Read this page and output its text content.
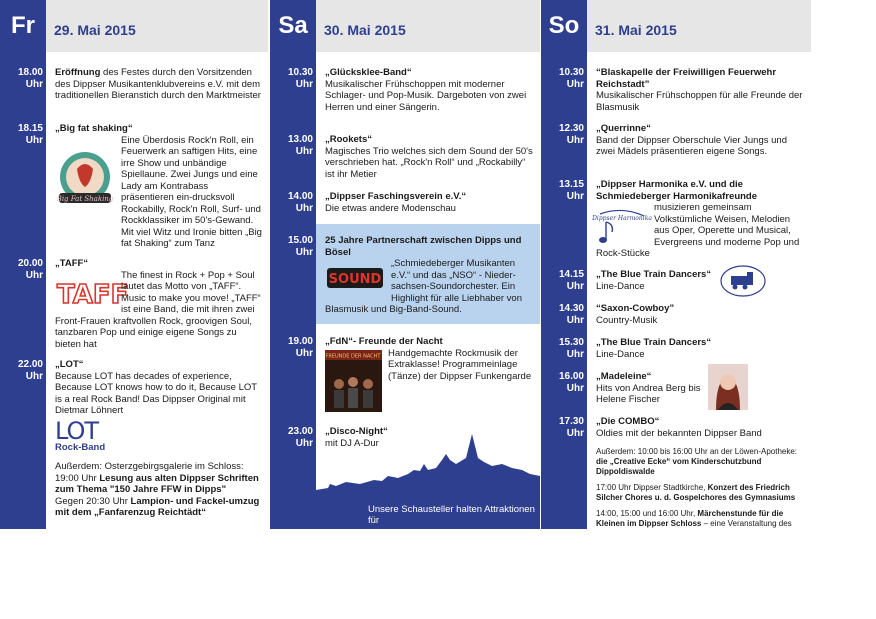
Fr	29. Mai 2015
18.00
Uhr
Eröffnung des Festes durch den Vorsitzenden des Dippser Musikantenklubvereins e.V. mit dem traditionellen Bieranstich durch den Marktmeister
18.15
Uhr
„Big fat shaking“
Big Fat Shaking
Eine Überdosis Rock'n Roll, ein Feuerwerk an saftigen Hits, eine irre Show und unbändige Spiellaune. Zwei Jungs und eine Lady am Kontrabass präsentieren ein-drucksvoll Rockabilly, Rock'n Roll, Surf- und Rockklassiker im 50's-Gewand. Mit viel Witz und Ironie bitten „Big fat Shaking“ zum Tanz
20.00
Uhr
„TAFF“
TAFF
The finest in Rock + Pop + Soul lautet das Motto von „TAFF“. Music to make you move! „TAFF“ ist eine Band, die mit ihren zwei Front-Frauen kraftvollen Rock, groovigen Soul, tanzbaren Pop und einige eigene Songs zu bieten hat
22.00
Uhr
„LOT“
Because LOT has decades of experience, Because LOT knows how to do it, Because LOT is a real Rock Band! Das Dippser Original mit Dietmar Löhnert
LOT
Rock-Band
Außerdem: Osterzgebirgsgalerie im Schloss: 19:00 Uhr Lesung aus alten Dippser Schriften zum Thema "150 Jahre FFW in Dipps"
Gegen 20:30 Uhr Lampion- und Fackel-umzug mit dem „Fanfarenzug Reichtädt“
Sa	30. Mai 2015
10.30
Uhr
„Glücksklee-Band“
Musikalischer Frühschoppen mit moderner Schlager- und Pop-Musik. Dargeboten von zwei Herren und einer Sängerin.
13.00
Uhr
„Rookets“
Magisches Trio welches sich dem Sound der 50's verschrieben hat. „Rock'n Roll“ und „Rockabilly“ ist ihr Metier
14.00
Uhr
„Dippser Faschingsverein e.V.“
Die etwas andere Modenschau
15.00
Uhr
25 Jahre Partnerschaft zwischen Dipps und Bösel
SOUND
„Schmiedeberger Musikanten e.V.“ und das „NSO“ - Nieder-sachsen-Soundorchester. Ein Highlight für alle Liebhaber von Blasmusik und Big-Band-Sound.
19.00
Uhr
„FdN“- Freunde der Nacht
FREUNDE DER NACHT Handgemachte Rockmusik der Extraklasse! Programmeinlage (Tänze) der Dippser Funkengarde
23.00
Uhr
„Disco-Night“
mit DJ A-Dur
Unsere Schausteller halten Attraktionen für
So	31. Mai 2015
10.30
Uhr
“Blaskapelle der Freiwilligen Feuerwehr Reichstadt”
Musikalischer Frühschoppen für alle Freunde der Blasmusik
12.30
Uhr
„Querrinne“
Band der Dippser Oberschule Vier Jungs und zwei Mädels präsentieren eigene Songs.
13.15
Uhr
„Dippser Harmonika e.V. und die Schmiedeberger Harmonikafreunde
Dippser Harmonika
musizieren gemeinsam Volkstümliche Weisen, Melodien aus Oper, Operette und Musical, Evergreens und moderne Pop und Rock-Stücke
14.15
Uhr
„The Blue Train Dancers“
Line-Dance
14.30
Uhr
“Saxon-Cowboy”
Country-Musik
15.30
Uhr
„The Blue Train Dancers“
Line-Dance
16.00
Uhr
„Madeleine“
Hits von Andrea Berg bis Helene Fischer
17.30
Uhr
„Die COMBO“
Oldies mit der bekannten Dippser Band
Außerdem: 10:00 bis 16:00 Uhr an der Löwen-Apotheke: die „Creative Ecke“ vom Kinderschutzbund Dippoldiswalde
17:00 Uhr Dippser Stadtkirche, Konzert des Friedrich Silcher Chores u. d. Gospelchores des Gymnasiums
14:00, 15:00 und 16:00 Uhr, Märchenstunde für die Kleinen im Dippser Schloss – eine Veranstaltung des
